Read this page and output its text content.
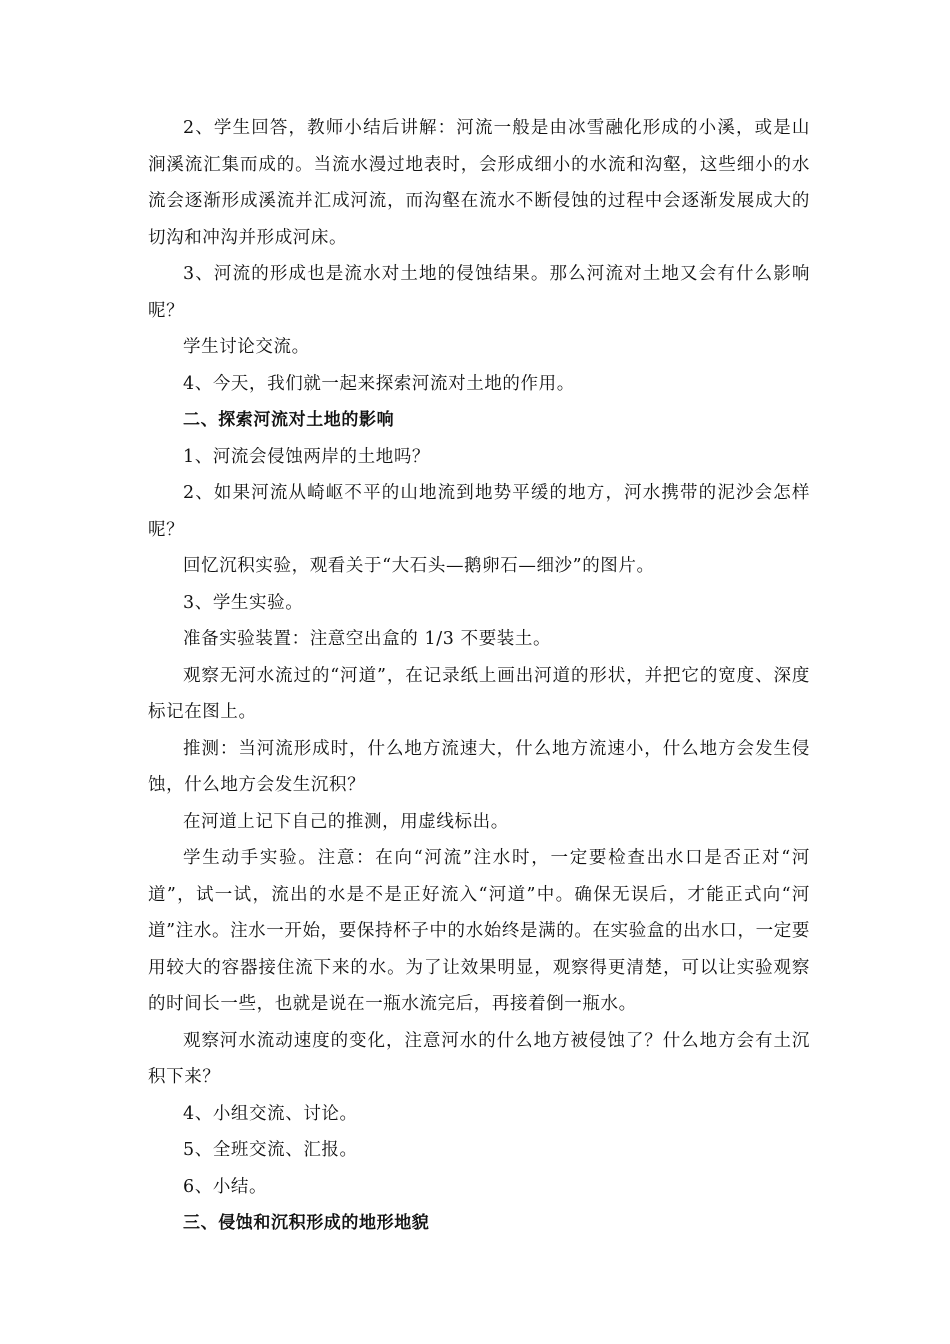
2、学生回答，教师小结后讲解：河流一般是由冰雪融化形成的小溪，或是山涧溪流汇集而成的。当流水漫过地表时，会形成细小的水流和沟壑，这些细小的水流会逐渐形成溪流并汇成河流，而沟壑在流水不断侵蚀的过程中会逐渐发展成大的切沟和冲沟并形成河床。

3、河流的形成也是流水对土地的侵蚀结果。那么河流对土地又会有什么影响呢？

学生讨论交流。

4、今天，我们就一起来探索河流对土地的作用。

二、探索河流对土地的影响

1、河流会侵蚀两岸的土地吗？

2、如果河流从崎岖不平的山地流到地势平缓的地方，河水携带的泥沙会怎样呢？

回忆沉积实验，观看关于“大石头—鹅卵石—细沙”的图片。

3、学生实验。

准备实验装置：注意空出盒的 1/3 不要装土。

观察无河水流过的“河道”，在记录纸上画出河道的形状，并把它的宽度、深度标记在图上。

推测：当河流形成时，什么地方流速大，什么地方流速小，什么地方会发生侵蚀，什么地方会发生沉积？

在河道上记下自己的推测，用虚线标出。

学生动手实验。注意：在向“河流”注水时，一定要检查出水口是否正对“河道”，试一试，流出的水是不是正好流入“河道”中。确保无误后，才能正式向“河道”注水。注水一开始，要保持杯子中的水始终是满的。在实验盒的出水口，一定要用较大的容器接住流下来的水。为了让效果明显，观察得更清楚，可以让实验观察的时间长一些，也就是说在一瓶水流完后，再接着倒一瓶水。

观察河水流动速度的变化，注意河水的什么地方被侵蚀了？什么地方会有土沉积下来？

4、小组交流、讨论。

5、全班交流、汇报。

6、小结。

三、侵蚀和沉积形成的地形地貌
